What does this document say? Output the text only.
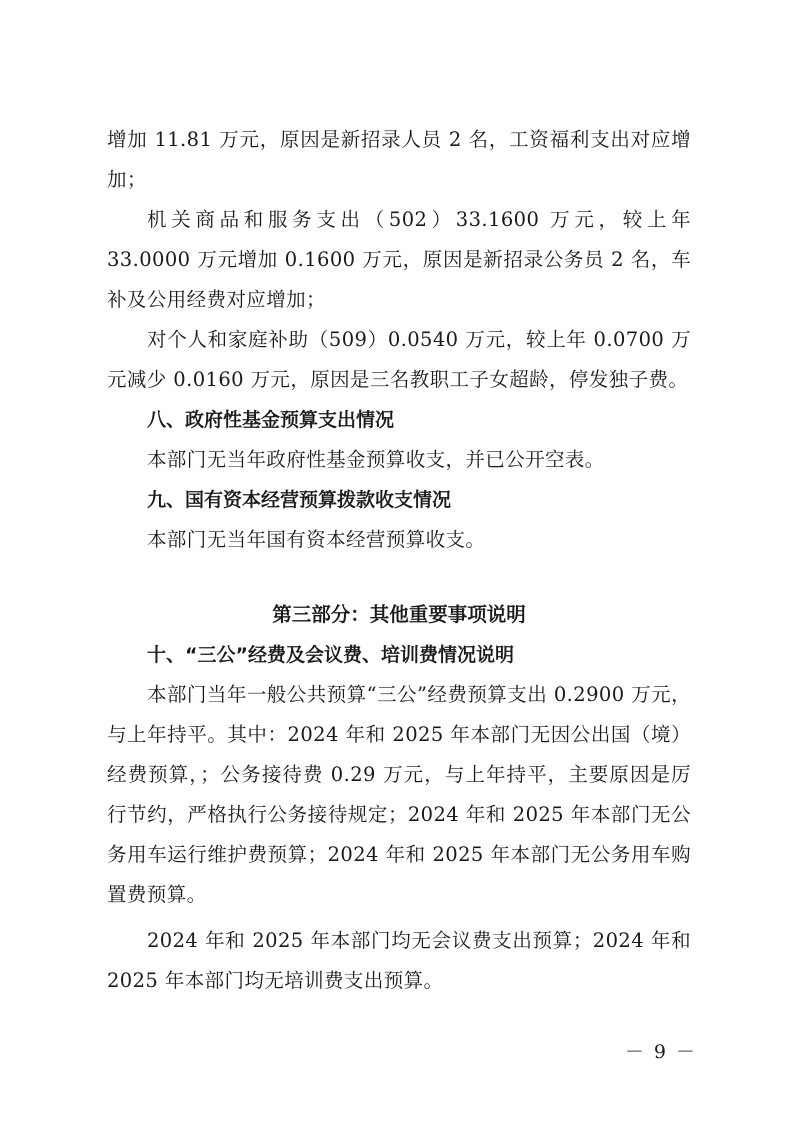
增加 11.81 万元，原因是新招录人员 2 名，工资福利支出对应增加；

机关商品和服务支出（502）33.1600 万元，较上年 33.0000 万元增加 0.1600 万元，原因是新招录公务员 2 名，车补及公用经费对应增加；

对个人和家庭补助（509）0.0540 万元，较上年 0.0700 万元减少 0.0160 万元，原因是三名教职工子女超龄，停发独子费。

八、政府性基金预算支出情况

本部门无当年政府性基金预算收支，并已公开空表。

九、国有资本经营预算拨款收支情况

本部门无当年国有资本经营预算收支。

第三部分：其他重要事项说明
十、“三公”经费及会议费、培训费情况说明

本部门当年一般公共预算“三公”经费预算支出 0.2900 万元，与上年持平。其中：2024 年和 2025 年本部门无因公出国（境）经费预算，；公务接待费 0.29 万元，与上年持平，主要原因是厉行节约，严格执行公务接待规定；2024 年和 2025 年本部门无公务用车运行维护费预算；2024 年和 2025 年本部门无公务用车购置费预算。

2024 年和 2025 年本部门均无会议费支出预算；2024 年和 2025 年本部门均无培训费支出预算。

－ 9 －
